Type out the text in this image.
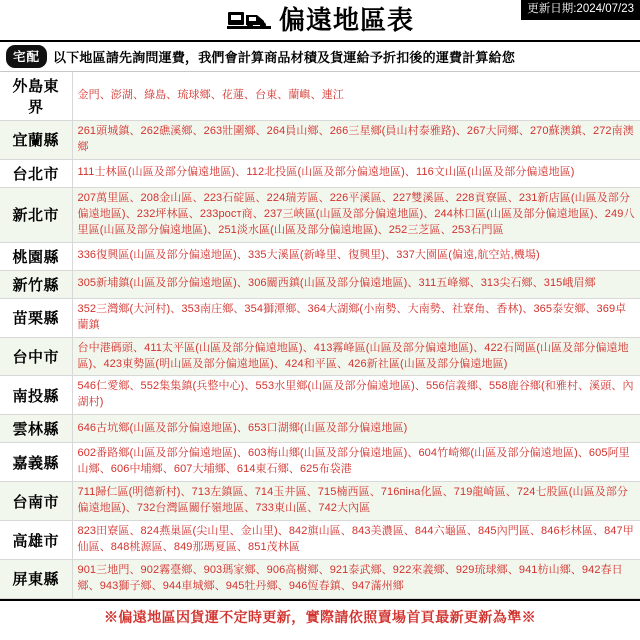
偏遠地區表	更新日期:2024/07/23
宅配	以下地區請先詢問運費，我們會計算商品材積及貨運給予折扣後的運費計算給您
外島東界	金門、澎湖、綠島、琉球鄉、花蓮、台東、蘭嶼、連江
宜蘭縣	261頭城鎮、262礁溪鄉、263壯圍鄉、264員山鄉、266三星鄉(員山村泰雅路)、267大同鄉、270蘇澳鎮、272南澳鄉
台北市	111士林區(山區及部分偏遠地區)、112北投區(山區及部分偏遠地區)、116文山區(山區及部分偏遠地區)
新北市	207萬里區、208金山區、223石碇區、224瑞芳區、226平溪區、227雙溪區、228貢寮區、231新店區(山區及部分偏遠地區)、232坪林區、233рост商、237三峽區(山區及部分偏遠地區)、244林口區(山區及部分偏遠地區)、249八里區(山區及部分偏遠地區)、251淡水區(山區及部分偏遠地區)、252三芝區、253石門區
桃園縣	336復興區(山區及部分偏遠地區)、335大溪區(新峰里、復興里)、337大園區(偏遠,航空站,機場)
新竹縣	305新埔鎮(山區及部分偏遠地區)、306關西鎮(山區及部分偏遠地區)、311五峰鄉、313尖石鄉、315峨眉鄉
苗栗縣	352三灣鄉(大河村)、353南庄鄉、354獅潭鄉、364大湖鄉(小南勢、大南勢、社寮角、香林)、365泰安鄉、369卓蘭鎮
台中市	台中港碼頭、411太平區(山區及部分偏遠地區)、413霧峰區(山區及部分偏遠地區)、422石岡區(山區及部分偏遠地區)、423東勢區(明山區及部分偏遠地區)、424和平區、426新社區(山區及部分偏遠地區)
南投縣	546仁愛鄉、552集集鎮(兵整中心)、553水里鄉(山區及部分偏遠地區)、556信義鄉、558鹿谷鄉(和雅村、溪頭、內湖村)
雲林縣	646古坑鄉(山區及部分偏遠地區)、653口湖鄉(山區及部分偏遠地區)
嘉義縣	602番路鄉(山區及部分偏遠地區)、603梅山鄉(山區及部分偏遠地區)、604竹崎鄉(山區及部分偏遠地區)、605阿里山鄉、606中埔鄉、607大埔鄉、614東石鄉、625布袋港
台南市	711歸仁區(明德新村)、713左鎮區、714玉井區、715楠西區、716піна化區、719龍崎區、724七股區(山區及部分偏遠地區)、732台灣區關仔嶺地區、733東山區、742大內區
高雄市	823田寮區、824燕巢區(尖山里、金山里)、842旗山區、843美濃區、844六龜區、845內門區、846杉林區、847甲仙區、848桃源區、849那瑪夏區、851茂林區
屏東縣	901三地門、902霧臺鄉、903瑪家鄉、906高樹鄉、921泰武鄉、922來義鄉、929琉球鄉、941枋山鄉、942春日鄉、943獅子鄉、944車城鄉、945牡丹鄉、946恆春鎮、947滿州鄉
※偏遠地區因貨運不定時更新，實際請依照賣場首頁最新更新為準※
